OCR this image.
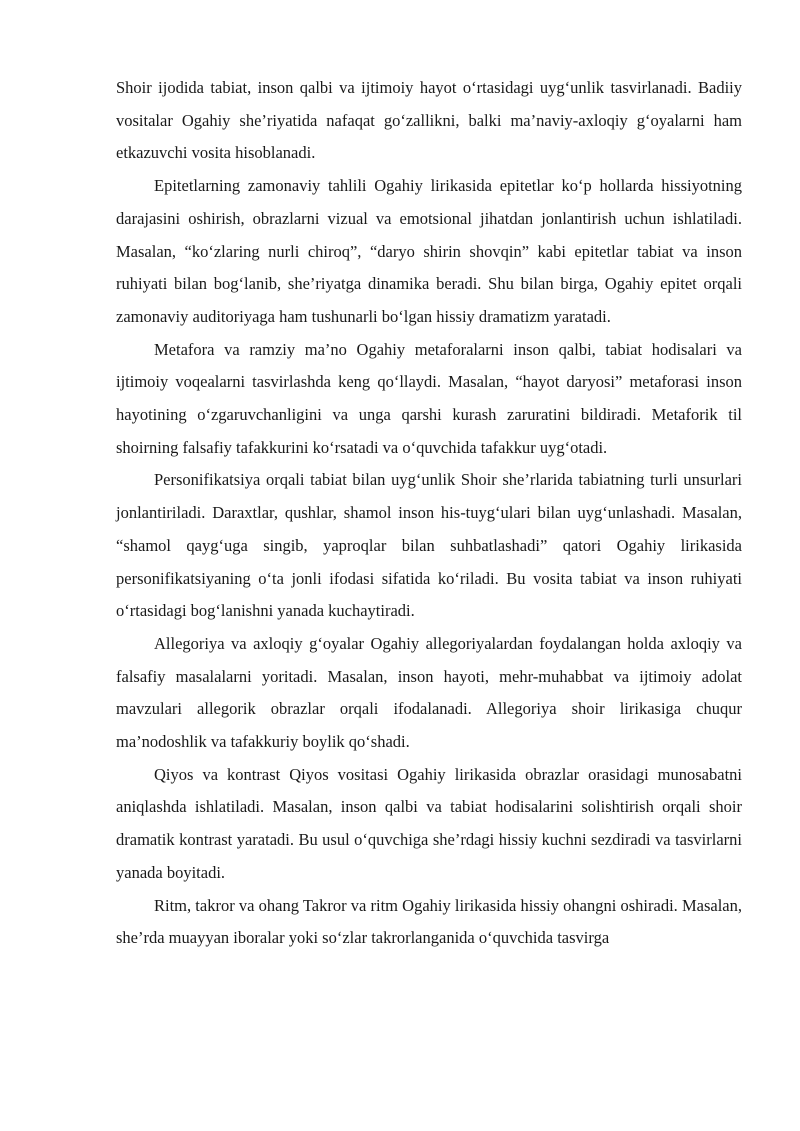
Shoir ijodida tabiat, inson qalbi va ijtimoiy hayot o‘rtasidagi uyg‘unlik tasvirlanadi. Badiiy vositalar Ogahiy she’riyatida nafaqat go‘zallikni, balki ma’naviy-axloqiy g‘oyalarni ham etkazuvchi vosita hisoblanadi.

Epitetlarning zamonaviy tahlili Ogahiy lirikasida epitetlar ko‘p hollarda hissiyotning darajasini oshirish, obrazlarni vizual va emotsional jihatdan jonlantirish uchun ishlatiladi. Masalan, “ko‘zlaring nurli chiroq”, “daryo shirin shovqin” kabi epitetlar tabiat va inson ruhiyati bilan bog‘lanib, she’riyatga dinamika beradi. Shu bilan birga, Ogahiy epitet orqali zamonaviy auditoriyaga ham tushunarli bo‘lgan hissiy dramatizm yaratadi.

Metafora va ramziy ma’no Ogahiy metaforalarni inson qalbi, tabiat hodisalari va ijtimoiy voqealarni tasvirlashda keng qo‘llaydi. Masalan, “hayot daryosi” metaforasi inson hayotining o‘zgaruvchanligini va unga qarshi kurash zaruratini bildiradi. Metaforik til shoirning falsafiy tafakkurini ko‘rsatadi va o‘quvchida tafakkur uyg‘otadi.

Personifikatsiya orqali tabiat bilan uyg‘unlik Shoir she’rlarida tabiatning turli unsurlari jonlantiriladi. Daraxtlar, qushlar, shamol inson his-tuyg‘ulari bilan uyg‘unlashadi. Masalan, “shamol qayg‘uga singib, yaproqlar bilan suhbatlashadi” qatori Ogahiy lirikasida personifikatsiyaning o‘ta jonli ifodasi sifatida ko‘riladi. Bu vosita tabiat va inson ruhiyati o‘rtasidagi bog‘lanishni yanada kuchaytiradi.

Allegoriya va axloqiy g‘oyalar Ogahiy allegoriyalardan foydalangan holda axloqiy va falsafiy masalalarni yoritadi. Masalan, inson hayoti, mehr-muhabbat va ijtimoiy adolat mavzulari allegorik obrazlar orqali ifodalanadi. Allegoriya shoir lirikasiga chuqur ma’nodoshlik va tafakkuriy boylik qo‘shadi.

Qiyos va kontrast Qiyos vositasi Ogahiy lirikasida obrazlar orasidagi munosabatni aniqlashda ishlatiladi. Masalan, inson qalbi va tabiat hodisalarini solishtirish orqali shoir dramatik kontrast yaratadi. Bu usul o‘quvchiga she’rdagi hissiy kuchni sezdiradi va tasvirlarni yanada boyitadi.

Ritm, takror va ohang Takror va ritm Ogahiy lirikasida hissiy ohangni oshiradi. Masalan, she’rda muayyan iboralar yoki so‘zlar takrorlanganida o‘quvchida tasvirga
